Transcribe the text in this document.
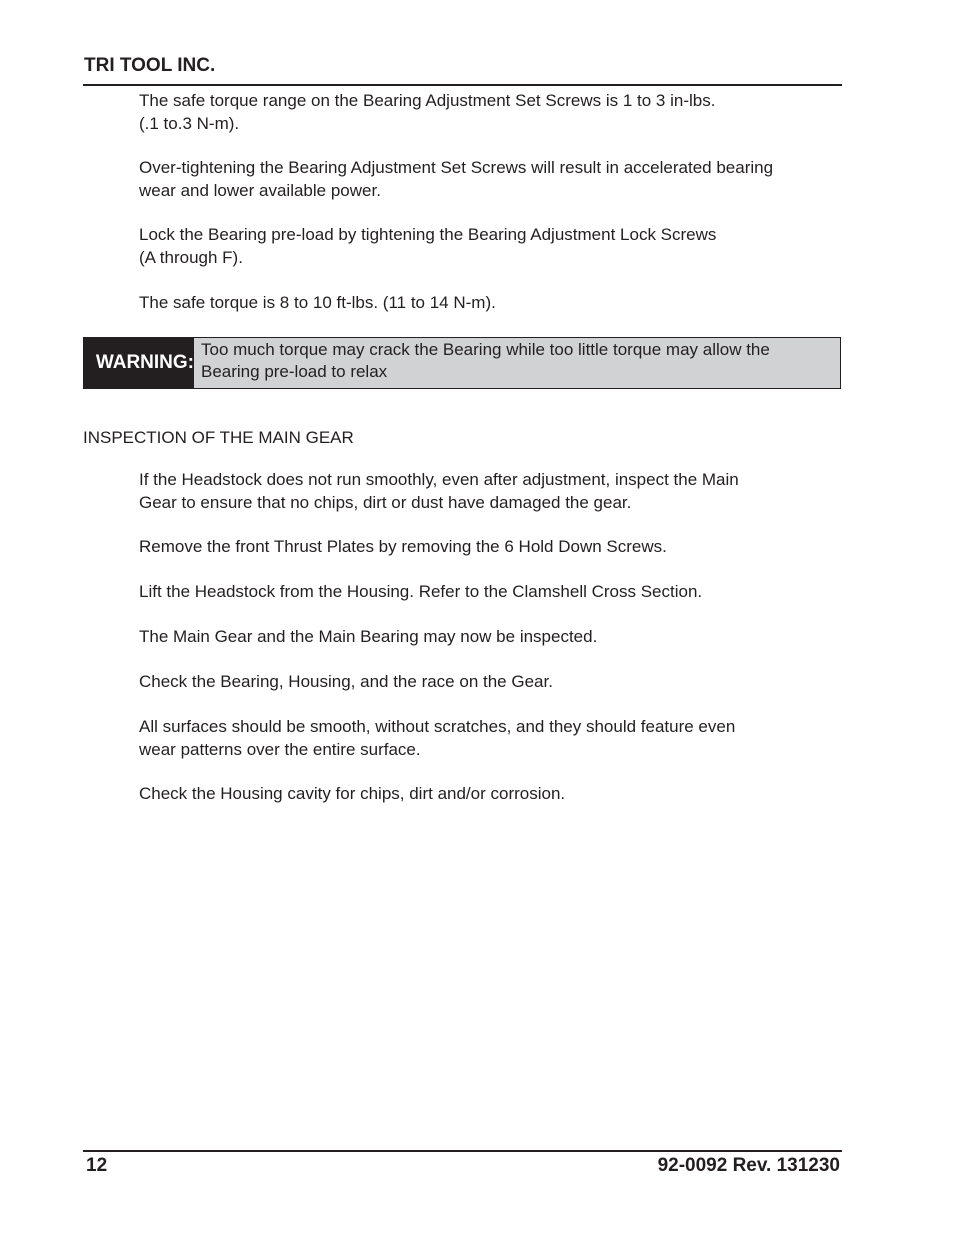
TRI TOOL INC.

The safe torque range on the Bearing Adjustment Set Screws is 1 to 3 in-lbs.
(.1 to.3 N-m).

Over-tightening the Bearing Adjustment Set Screws will result in accelerated bearing
wear and lower available power.

Lock the Bearing pre-load by tightening the Bearing Adjustment Lock Screws
(A through F).

The safe torque is 8 to 10 ft-lbs. (11 to 14 N-m).

WARNING:
Too much torque may crack the Bearing while too little torque may allow the
Bearing pre-load to relax
INSPECTION OF THE MAIN GEAR

If the Headstock does not run smoothly, even after adjustment, inspect the Main
Gear to ensure that no chips, dirt or dust have damaged the gear.

Remove the front Thrust Plates by removing the 6 Hold Down Screws.

Lift the Headstock from the Housing. Refer to the Clamshell Cross Section.

The Main Gear and the Main Bearing may now be inspected.

Check the Bearing, Housing, and the race on the Gear.

All surfaces should be smooth, without scratches, and they should feature even
wear patterns over the entire surface.

Check the Housing cavity for chips, dirt and/or corrosion.

12	92-0092 Rev. 131230
